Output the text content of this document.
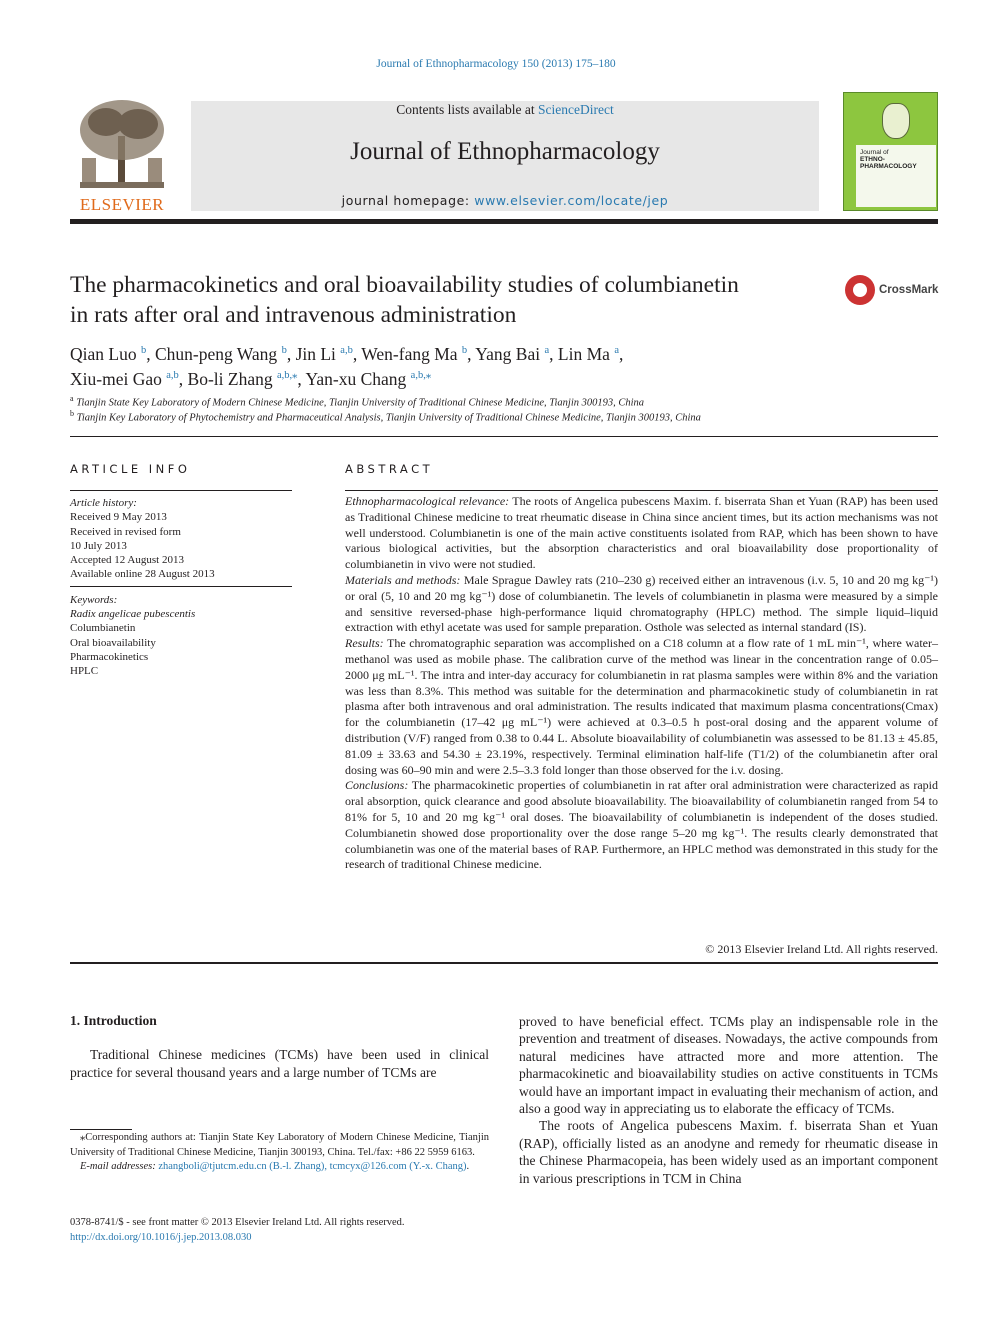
Journal of Ethnopharmacology 150 (2013) 175–180
ELSEVIER
Contents lists available at ScienceDirect
Journal of Ethnopharmacology
journal homepage: www.elsevier.com/locate/jep
Journal of
ETHNO-
PHARMACOLOGY
The pharmacokinetics and oral bioavailability studies of columbianetin
in rats after oral and intravenous administration
CrossMark
Qian Luo $^b$, Chun-peng Wang $^b$, Jin Li $^{a,b}$, Wen-fang Ma $^b$, Yang Bai $^a$, Lin Ma $^a$,
Xiu-mei Gao $^{a,b}$, Bo-li Zhang $^{a,b,⁎}$, Yan-xu Chang $^{a,b,⁎}$
$^a$ Tianjin State Key Laboratory of Modern Chinese Medicine, Tianjin University of Traditional Chinese Medicine, Tianjin 300193, China
$^b$ Tianjin Key Laboratory of Phytochemistry and Pharmaceutical Analysis, Tianjin University of Traditional Chinese Medicine, Tianjin 300193, China
ARTICLE INFO	ABSTRACT
Article history:
Received 9 May 2013
Received in revised form
10 July 2013
Accepted 12 August 2013
Available online 28 August 2013
Keywords:
Radix angelicae pubescentis
Columbianetin
Oral bioavailability
Pharmacokinetics
HPLC
Ethnopharmacological relevance: The roots of Angelica pubescens Maxim. f. biserrata Shan et Yuan (RAP) has been used as Traditional Chinese medicine to treat rheumatic disease in China since ancient times, but its action mechanisms was not well understood. Columbianetin is one of the main active constituents isolated from RAP, which has been shown to have various biological activities, but the absorption characteristics and oral bioavailability dose proportionality of columbianetin in vivo were not studied.
Materials and methods: Male Sprague Dawley rats (210–230 g) received either an intravenous (i.v. 5, 10 and 20 mg kg⁻¹) or oral (5, 10 and 20 mg kg⁻¹) dose of columbianetin. The levels of columbianetin in plasma were measured by a simple and sensitive reversed-phase high-performance liquid chromatography (HPLC) method. The simple liquid–liquid extraction with ethyl acetate was used for sample preparation. Osthole was selected as internal standard (IS).
Results: The chromatographic separation was accomplished on a C18 column at a flow rate of 1 mL min⁻¹, where water–methanol was used as mobile phase. The calibration curve of the method was linear in the concentration range of 0.05–2000 μg mL⁻¹. The intra and inter-day accuracy for columbianetin in rat plasma samples were within 8% and the variation was less than 8.3%. This method was suitable for the determination and pharmacokinetic study of columbianetin in rat plasma after both intravenous and oral administration. The results indicated that maximum plasma concentrations(Cmax) for the columbianetin (17–42 μg mL⁻¹) were achieved at 0.3–0.5 h post-oral dosing and the apparent volume of distribution (V/F) ranged from 0.38 to 0.44 L. Absolute bioavailability of columbianetin was assessed to be 81.13 ± 45.85, 81.09 ± 33.63 and 54.30 ± 23.19%, respectively. Terminal elimination half-life (T1/2) of the columbianetin after oral dosing was 60–90 min and were 2.5–3.3 fold longer than those observed for the i.v. dosing.
Conclusions: The pharmacokinetic properties of columbianetin in rat after oral administration were characterized as rapid oral absorption, quick clearance and good absolute bioavailability. The bioavailability of columbianetin ranged from 54 to 81% for 5, 10 and 20 mg kg⁻¹ oral doses. The bioavailability of columbianetin is independent of the doses studied. Columbianetin showed dose proportionality over the dose range 5–20 mg kg⁻¹. The results clearly demonstrated that columbianetin was one of the material bases of RAP. Furthermore, an HPLC method was demonstrated in this study for the research of traditional Chinese medicine.
© 2013 Elsevier Ireland Ltd. All rights reserved.
1. Introduction
Traditional Chinese medicines (TCMs) have been used in clinical practice for several thousand years and a large number of TCMs are

proved to have beneficial effect. TCMs play an indispensable role in the prevention and treatment of diseases. Nowadays, the active compounds from natural medicines have attracted more and more attention. The pharmacokinetic and bioavailability studies on active constituents in TCMs would have an important impact in evaluating their mechanism of action, and also a good way in appreciating us to elaborate the efficacy of TCMs.

The roots of Angelica pubescens Maxim. f. biserrata Shan et Yuan (RAP), officially listed as an anodyne and remedy for rheumatic disease in the Chinese Pharmacopeia, has been widely used as an important component in various prescriptions in TCM in China

⁎Corresponding authors at: Tianjin State Key Laboratory of Modern Chinese Medicine, Tianjin University of Traditional Chinese Medicine, Tianjin 300193, China. Tel./fax: +86 22 5959 6163.
E-mail addresses: zhangboli@tjutcm.edu.cn (B.-l. Zhang), tcmcyx@126.com (Y.-x. Chang).
0378-8741/$ - see front matter © 2013 Elsevier Ireland Ltd. All rights reserved.
http://dx.doi.org/10.1016/j.jep.2013.08.030
